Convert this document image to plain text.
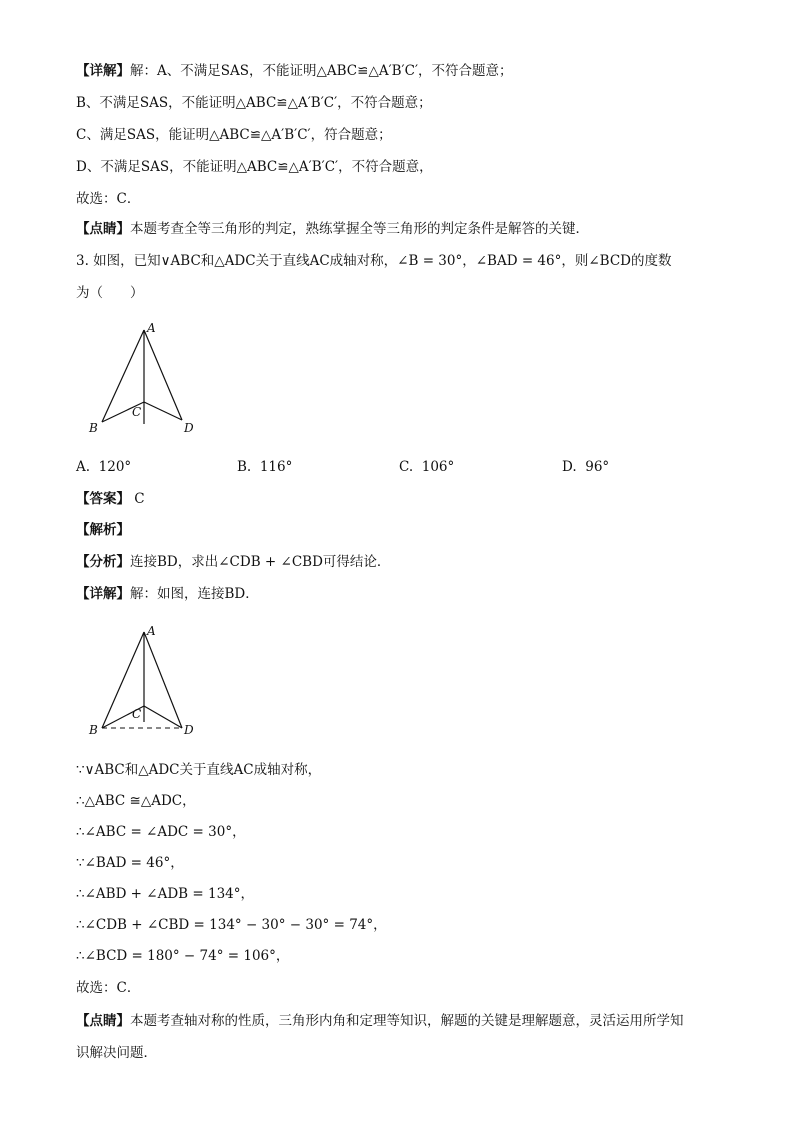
【详解】解：A、不满足SAS，不能证明△ABC≌△A′B′C′，不符合题意；
B、不满足SAS，不能证明△ABC≌△A′B′C′，不符合题意；
C、满足SAS，能证明△ABC≌△A′B′C′，符合题意；
D、不满足SAS，不能证明△ABC≌△A′B′C′，不符合题意，
故选：C．
【点睛】本题考查全等三角形的判定，熟练掌握全等三角形的判定条件是解答的关键．
3. 如图，已知∨ABC和△ADC关于直线AC成轴对称，∠B = 30°，∠BAD = 46°，则∠BCD的度数
为（　　）
A
B
C
D
A. 120°	B. 116°	C. 106°	D. 96°
【答案】 C
【解析】
【分析】连接BD，求出∠CDB + ∠CBD可得结论．
【详解】解：如图，连接BD．
A
B
C
D
∵∨ABC和△ADC关于直线AC成轴对称，
∴△ABC ≅△ADC，
∴∠ABC = ∠ADC = 30°，
∵∠BAD = 46°，
∴∠ABD + ∠ADB = 134°，
∴∠CDB + ∠CBD = 134° − 30° − 30° = 74°，
∴∠BCD = 180° − 74° = 106°，
故选：C．
【点睛】本题考查轴对称的性质，三角形内角和定理等知识，解题的关键是理解题意，灵活运用所学知
识解决问题．
